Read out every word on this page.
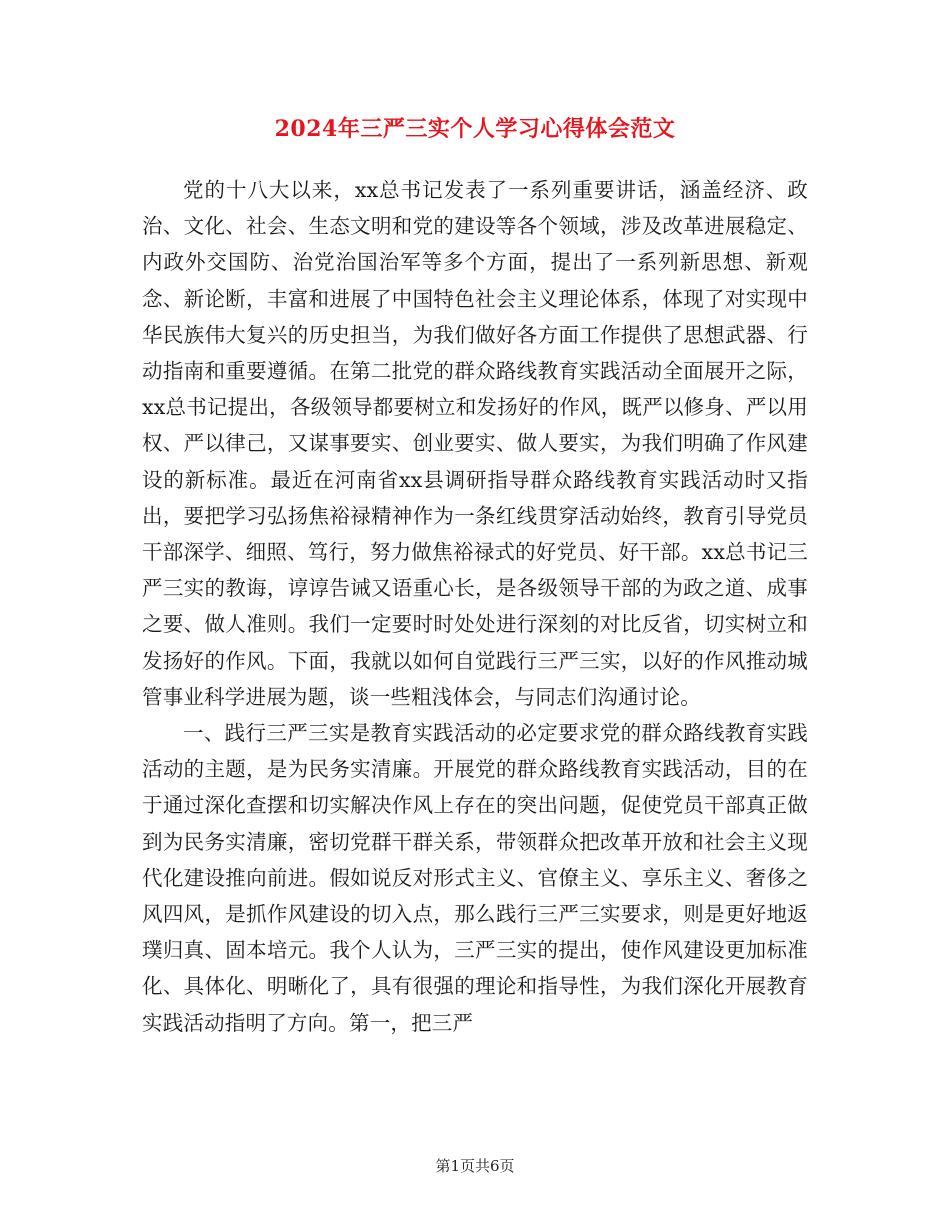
2024年三严三实个人学习心得体会范文

党的十八大以来，xx总书记发表了一系列重要讲话，涵盖经济、政治、文化、社会、生态文明和党的建设等各个领域，涉及改革进展稳定、内政外交国防、治党治国治军等多个方面，提出了一系列新思想、新观念、新论断，丰富和进展了中国特色社会主义理论体系，体现了对实现中华民族伟大复兴的历史担当，为我们做好各方面工作提供了思想武器、行动指南和重要遵循。在第二批党的群众路线教育实践活动全面展开之际，xx总书记提出，各级领导都要树立和发扬好的作风，既严以修身、严以用权、严以律己，又谋事要实、创业要实、做人要实，为我们明确了作风建设的新标准。最近在河南省xx县调研指导群众路线教育实践活动时又指出，要把学习弘扬焦裕禄精神作为一条红线贯穿活动始终，教育引导党员干部深学、细照、笃行，努力做焦裕禄式的好党员、好干部。xx总书记三严三实的教诲，谆谆告诫又语重心长，是各级领导干部的为政之道、成事之要、做人准则。我们一定要时时处处进行深刻的对比反省，切实树立和发扬好的作风。下面，我就以如何自觉践行三严三实，以好的作风推动城管事业科学进展为题，谈一些粗浅体会，与同志们沟通讨论。

一、践行三严三实是教育实践活动的必定要求党的群众路线教育实践活动的主题，是为民务实清廉。开展党的群众路线教育实践活动，目的在于通过深化查摆和切实解决作风上存在的突出问题，促使党员干部真正做到为民务实清廉，密切党群干群关系，带领群众把改革开放和社会主义现代化建设推向前进。假如说反对形式主义、官僚主义、享乐主义、奢侈之风四风，是抓作风建设的切入点，那么践行三严三实要求，则是更好地返璞归真、固本培元。我个人认为，三严三实的提出，使作风建设更加标准化、具体化、明晰化了，具有很强的理论和指导性，为我们深化开展教育实践活动指明了方向。第一，把三严

第1页共6页
